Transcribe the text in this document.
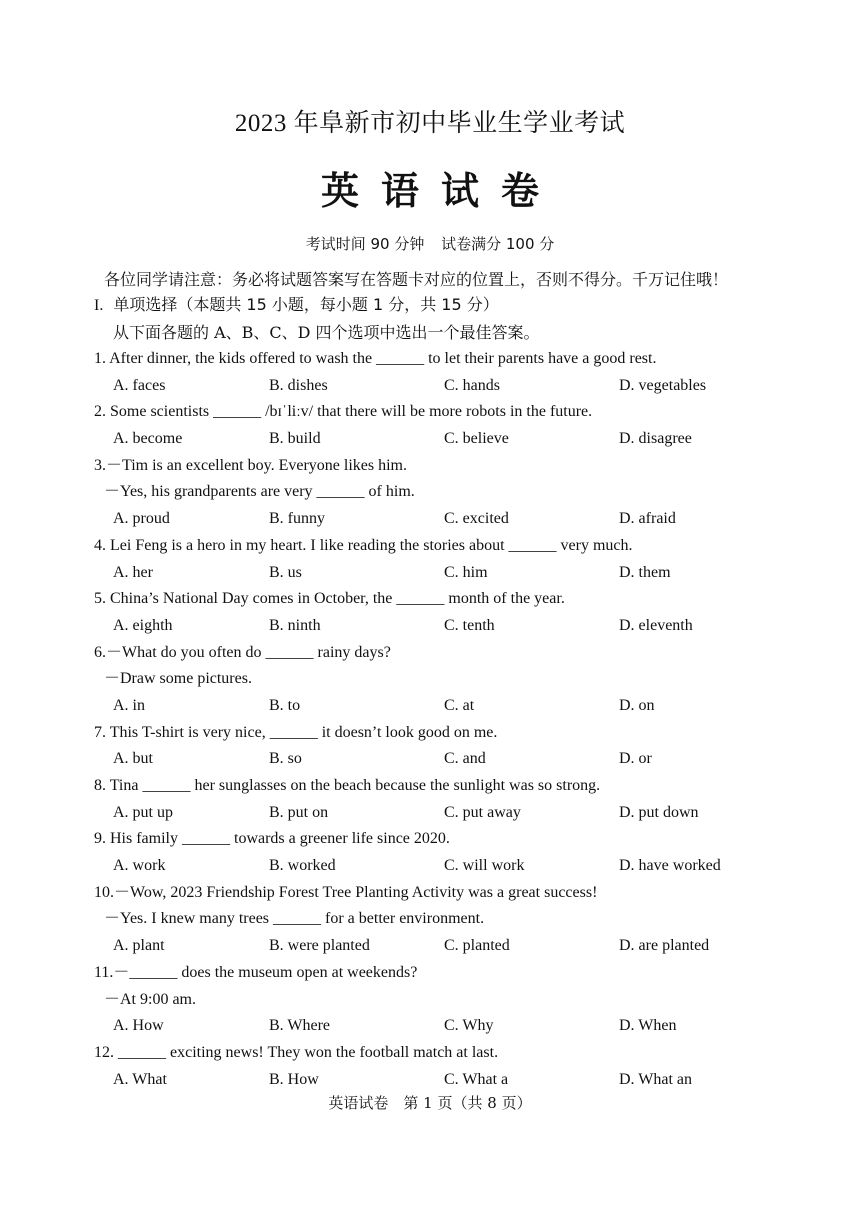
2023 年阜新市初中毕业生学业考试
英语试卷
考试时间 90 分钟 试卷满分 100 分
各位同学请注意：务必将试题答案写在答题卡对应的位置上，否则不得分。千万记住哦！
I. 单项选择（本题共 15 小题，每小题 1 分，共 15 分）
从下面各题的 A、B、C、D 四个选项中选出一个最佳答案。
1. After dinner, the kids offered to wash the ______ to let their parents have a good rest.
A. faces	B. dishes	C. hands	D. vegetables
2. Some scientists ______ /bɪˈliːv/ that there will be more robots in the future.
A. become	B. build	C. believe	D. disagree
3.－Tim is an excellent boy. Everyone likes him.
－Yes, his grandparents are very ______ of him.
A. proud	B. funny	C. excited	D. afraid
4. Lei Feng is a hero in my heart. I like reading the stories about ______ very much.
A. her	B. us	C. him	D. them
5. China’s National Day comes in October, the ______ month of the year.
A. eighth	B. ninth	C. tenth	D. eleventh
6.－What do you often do ______ rainy days?
－Draw some pictures.
A. in	B. to	C. at	D. on
7. This T-shirt is very nice, ______ it doesn’t look good on me.
A. but	B. so	C. and	D. or
8. Tina ______ her sunglasses on the beach because the sunlight was so strong.
A. put up	B. put on	C. put away	D. put down
9. His family ______ towards a greener life since 2020.
A. work	B. worked	C. will work	D. have worked
10.－Wow, 2023 Friendship Forest Tree Planting Activity was a great success!
－Yes. I knew many trees ______ for a better environment.
A. plant	B. were planted	C. planted	D. are planted
11.－______ does the museum open at weekends?
－At 9:00 am.
A. How	B. Where	C. Why	D. When
12. ______ exciting news! They won the football match at last.
A. What	B. How	C. What a	D. What an
英语试卷　第 1 页（共 8 页）
